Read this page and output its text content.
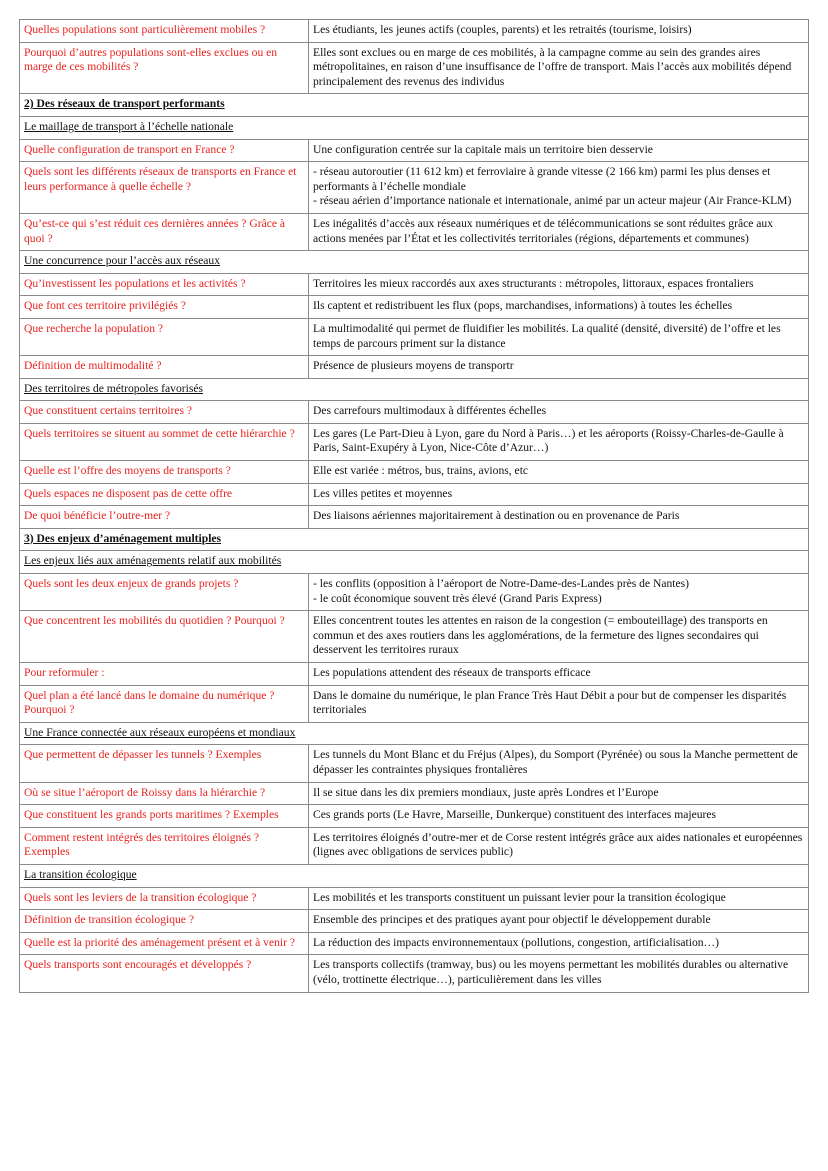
Quelles populations sont particulièrement mobiles ?	Les étudiants, les jeunes actifs (couples, parents) et les retraités (tourisme, loisirs)

Pourquoi d’autres populations sont-elles exclues ou en marge de ces mobilités ?	Elles sont exclues ou en marge de ces mobilités, à la campagne comme au sein des grandes aires métropolitaines, en raison d’une insuffisance de l’offre de transport. Mais l’accès aux mobilités dépend principalement des revenus des individus

2) Des réseaux de transport performants	
Le maillage de transport à l’échelle nationale	
Quelle configuration de transport en France ?	Une configuration centrée sur la capitale mais un territoire bien desservie

Quels sont les différents réseaux de transports en France et leurs performance à quelle échelle ?	- réseau autoroutier (11 612 km) et ferroviaire à grande vitesse (2 166 km) parmi les plus denses et performants à l’échelle mondiale
- réseau aérien d’importance nationale et internationale, animé par un acteur majeur (Air France-KLM)

Qu’est-ce qui s’est réduit ces dernières années ? Grâce à quoi ?	Les inégalités d’accès aux réseaux numériques et de télécommunications se sont réduites grâce aux actions menées par l’État et les collectivités territoriales (régions, départements et communes)

Une concurrence pour l’accès aux réseaux	
Qu’investissent les populations et les activités ?	Territoires les mieux raccordés aux axes structurants : métropoles, littoraux, espaces frontaliers

Que font ces territoire privilégiés ?	Ils captent et redistribuent les flux (pops, marchandises, informations) à toutes les échelles

Que recherche la population ?	La multimodalité qui permet de fluidifier les mobilités. La qualité (densité, diversité) de l’offre et les temps de parcours priment sur la distance

Définition de multimodalité ?	Présence de plusieurs moyens de transportr

Des territoires de métropoles favorisés	
Que constituent certains territoires ?	Des carrefours multimodaux à différentes échelles

Quels territoires se situent au sommet de cette hiérarchie ?	Les gares (Le Part-Dieu à Lyon, gare du Nord à Paris…) et les aéroports (Roissy-Charles-de-Gaulle à Paris, Saint-Exupéry à Lyon, Nice-Côte d’Azur…)

Quelle est l’offre des moyens de transports ?	Elle est variée : métros, bus, trains, avions, etc

Quels espaces ne disposent pas de cette offre	Les villes petites et moyennes

De quoi bénéficie l’outre-mer ?	Des liaisons aériennes majoritairement à destination ou en provenance de Paris

3) Des enjeux d’aménagement multiples	
Les enjeux liés aux aménagements relatif aux mobilités	
Quels sont les deux enjeux de grands projets ?	- les conflits (opposition à l’aéroport de Notre-Dame-des-Landes près de Nantes)
- le coût économique souvent très élevé (Grand Paris Express)

Que concentrent les mobilités du quotidien ? Pourquoi ?	Elles concentrent toutes les attentes en raison de la congestion (= embouteillage) des transports en commun et des axes routiers dans les agglomérations, de la fermeture des lignes secondaires qui desservent les territoires ruraux

Pour reformuler :	Les populations attendent des réseaux de transports efficace

Quel plan a été lancé dans le domaine du numérique ? Pourquoi ?	Dans le domaine du numérique, le plan France Très Haut Débit a pour but de compenser les disparités territoriales

Une France connectée aux réseaux européens et mondiaux	
Que permettent de dépasser les tunnels ? Exemples	Les tunnels du Mont Blanc et du Fréjus (Alpes), du Somport (Pyrénée) ou sous la Manche permettent de dépasser les contraintes physiques frontalières

Où se situe l’aéroport de Roissy dans la hiérarchie ?	Il se situe dans les dix premiers mondiaux, juste après Londres et l’Europe

Que constituent les grands ports maritimes ? Exemples	Ces grands ports (Le Havre, Marseille, Dunkerque) constituent des interfaces majeures

Comment restent intégrés des territoires éloignés ? Exemples	Les territoires éloignés d’outre-mer et de Corse restent intégrés grâce aux aides nationales et européennes (lignes avec obligations de services public)

La transition écologique	
Quels sont les leviers de la transition écologique ?	Les mobilités et les transports constituent un puissant levier pour la transition écologique

Définition de transition écologique ?	Ensemble des principes et des pratiques ayant pour objectif le développement durable

Quelle est la priorité des aménagement présent et à venir ?	La réduction des impacts environnementaux (pollutions, congestion, artificialisation…)

Quels transports sont encouragés et développés ?	Les transports collectifs (tramway, bus) ou les moyens permettant les mobilités durables ou alternative (vélo, trottinette électrique…), particulièrement dans les villes
